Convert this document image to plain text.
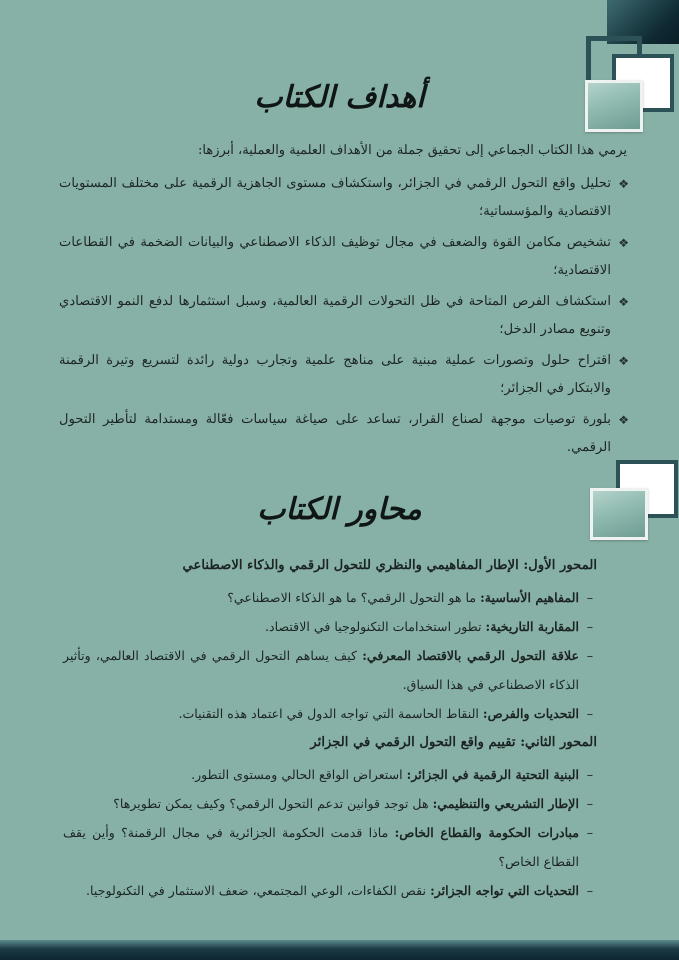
أهداف الكتاب
يرمي هذا الكتاب الجماعي إلى تحقيق جملة من الأهداف العلمية والعملية، أبرزها:
❖
تحليل واقع التحول الرقمي في الجزائر، واستكشاف مستوى الجاهزية الرقمية على مختلف المستويات الاقتصادية والمؤسساتية؛
❖
تشخيص مكامن القوة والضعف في مجال توظيف الذكاء الاصطناعي والبيانات الضخمة في القطاعات الاقتصادية؛
❖
استكشاف الفرص المتاحة في ظل التحولات الرقمية العالمية، وسبل استثمارها لدفع النمو الاقتصادي وتنويع مصادر الدخل؛
❖
اقتراح حلول وتصورات عملية مبنية على مناهج علمية وتجارب دولية رائدة لتسريع وتيرة الرقمنة والابتكار في الجزائر؛
❖
بلورة توصيات موجهة لصناع القرار، تساعد على صياغة سياسات فعّالة ومستدامة لتأطير التحول الرقمي.
محاور الكتاب
المحور الأول: الإطار المفاهيمي والنظري للتحول الرقمي والذكاء الاصطناعي
–
المفاهيم الأساسية: ما هو التحول الرقمي؟ ما هو الذكاء الاصطناعي؟
–
المقاربة التاريخية: تطور استخدامات التكنولوجيا في الاقتصاد.
–
علاقة التحول الرقمي بالاقتصاد المعرفي: كيف يساهم التحول الرقمي في الاقتصاد العالمي، وتأثير الذكاء الاصطناعي في هذا السياق.
–
التحديات والفرص: النقاط الحاسمة التي تواجه الدول في اعتماد هذه التقنيات.
المحور الثاني: تقييم واقع التحول الرقمي في الجزائر
–
البنية التحتية الرقمية في الجزائر: استعراض الواقع الحالي ومستوى التطور.
–
الإطار التشريعي والتنظيمي: هل توجد قوانين تدعم التحول الرقمي؟ وكيف يمكن تطويرها؟
–
مبادرات الحكومة والقطاع الخاص: ماذا قدمت الحكومة الجزائرية في مجال الرقمنة؟ وأين يقف القطاع الخاص؟
–
التحديات التي تواجه الجزائر: نقص الكفاءات، الوعي المجتمعي، ضعف الاستثمار في التكنولوجيا.
